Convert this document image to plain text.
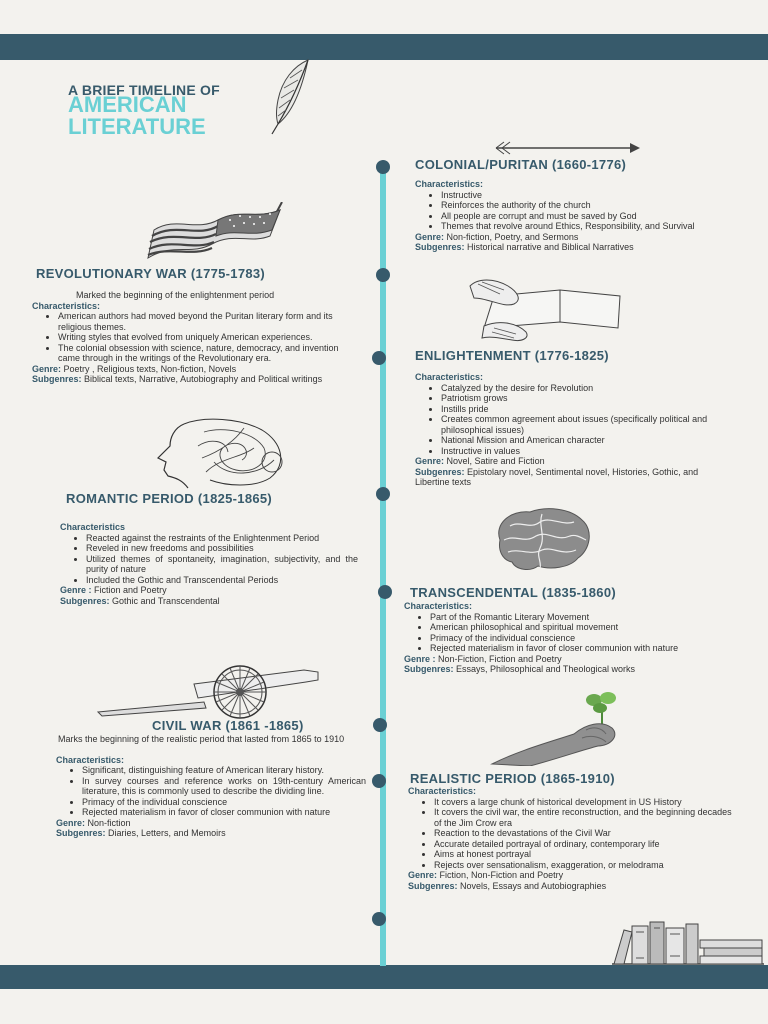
A BRIEF TIMELINE OF
AMERICAN
LITERATURE
COLONIAL/PURITAN (1660-1776)

Characteristics:

• Instructive
• Reinforces the authority of the church
• All people are corrupt and must be saved by God
• Themes that revolve around Ethics, Responsibility, and Survival

Genre: Non-fiction, Poetry, and Sermons

Subgenres: Historical narrative and Biblical Narratives

REVOLUTIONARY WAR (1775-1783)

Marked the beginning of the enlightenment period

Characteristics:

• American authors had moved beyond the Puritan literary form and its religious themes.
• Writing styles that evolved from uniquely American experiences.
• The colonial obsession with science, nature, democracy, and invention came through in the writings of the Revolutionary era.

Genre: Poetry , Religious texts, Non-fiction, Novels

Subgenres: Biblical texts, Narrative, Autobiography and Political writings

ENLIGHTENMENT (1776-1825)

Characteristics:

• Catalyzed by the desire for Revolution
• Patriotism grows
• Instills pride
• Creates common agreement about issues (specifically political and philosophical issues)
• National Mission and American character
• Instructive in values

Genre: Novel, Satire and Fiction

Subgenres: Epistolary novel, Sentimental novel, Histories, Gothic, and Libertine texts

ROMANTIC PERIOD (1825-1865)

Characteristics

• Reacted against the restraints of the Enlightenment Period
• Reveled in new freedoms and possibilities
• Utilized themes of spontaneity, imagination, subjectivity, and the purity of nature
• Included the Gothic and Transcendental Periods

Genre : Fiction and Poetry

Subgenres: Gothic and Transcendental

TRANSCENDENTAL (1835-1860)

Characteristics:

• Part of the Romantic Literary Movement
• American philosophical and spiritual movement
• Primacy of the individual conscience
• Rejected materialism in favor of closer communion with nature

Genre : Non-Fiction, Fiction and Poetry

Subgenres: Essays, Philosophical and Theological works

CIVIL WAR (1861 -1865)

Marks the beginning of the realistic period that lasted from 1865 to 1910

Characteristics:

• Significant, distinguishing feature of American literary history.
• In survey courses and reference works on 19th-century American literature, this is commonly used to describe the dividing line.
• Primacy of the individual conscience
• Rejected materialism in favor of closer communion with nature

Genre: Non-fiction

Subgenres: Diaries, Letters, and Memoirs

REALISTIC PERIOD (1865-1910)

Characteristics:

• It covers a large chunk of historical development in US History
• It covers the civil war, the entire reconstruction, and the beginning decades of the Jim Crow era
• Reaction to the devastations of the Civil War
• Accurate detailed portrayal of ordinary, contemporary life
• Aims at honest portrayal
• Rejects over sensationalism, exaggeration, or melodrama

Genre: Fiction, Non-Fiction and Poetry

Subgenres: Novels, Essays and Autobiographies
